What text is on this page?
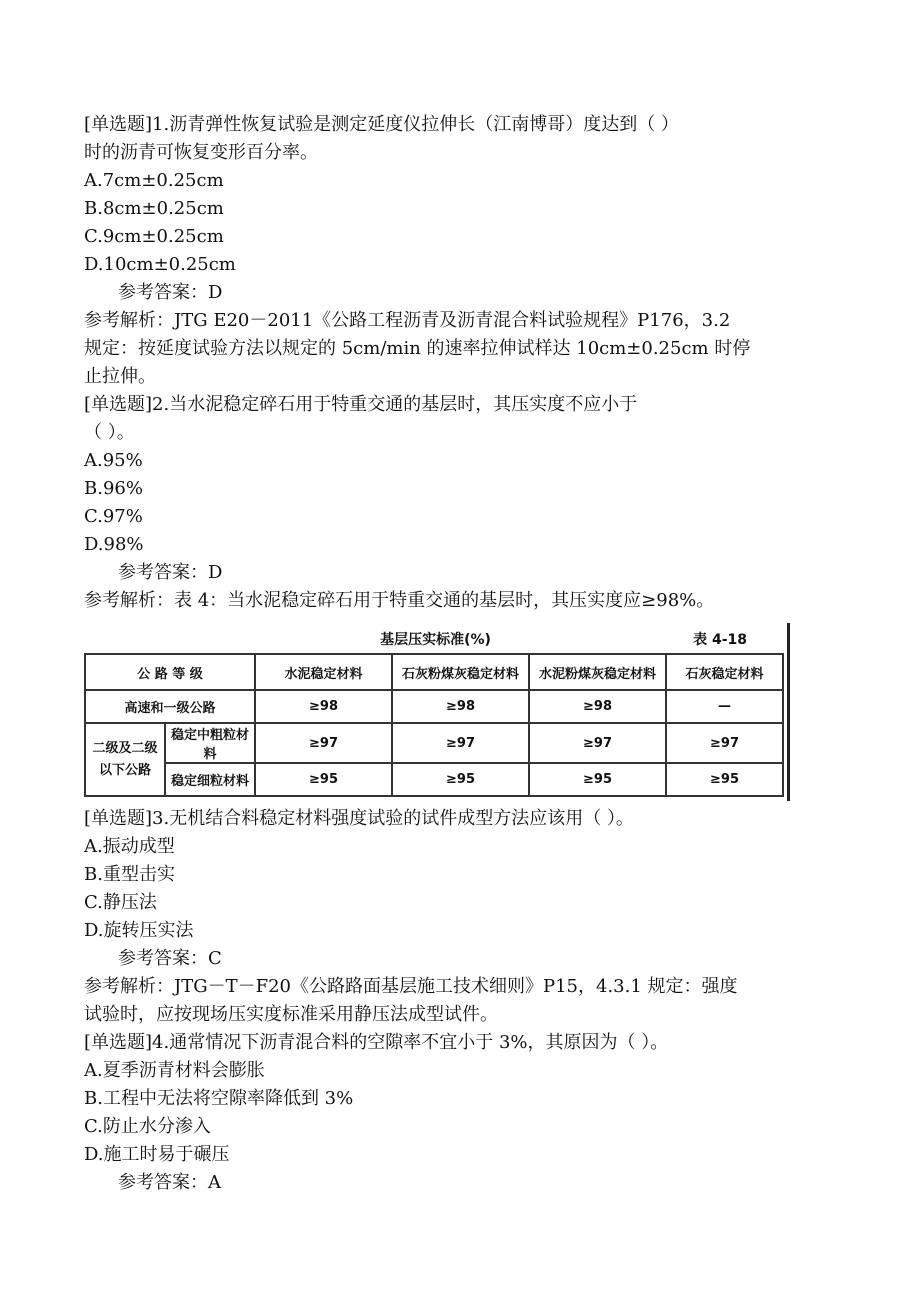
[单选题]1.沥青弹性恢复试验是测定延度仪拉伸长（江南博哥）度达到（ ）
时的沥青可恢复变形百分率。
A.7cm±0.25cm
B.8cm±0.25cm
C.9cm±0.25cm
D.10cm±0.25cm
参考答案：D
参考解析：JTG E20－2011《公路工程沥青及沥青混合料试验规程》P176，3.2
规定：按延度试验方法以规定的 5cm/min 的速率拉伸试样达 10cm±0.25cm 时停
止拉伸。
[单选题]2.当水泥稳定碎石用于特重交通的基层时，其压实度不应小于
（ ）。
A.95%
B.96%
C.97%
D.98%
参考答案：D
参考解析：表 4：当水泥稳定碎石用于特重交通的基层时，其压实度应≥98%。
基层压实标准(%)	表 4-18
公 路 等 级		水泥稳定材料	石灰粉煤灰稳定材料	水泥粉煤灰稳定材料	石灰稳定材料
高速和一级公路		≥98	≥98	≥98	—

二级及二级
以下公路	稳定中粗粒材料	≥97	≥97	≥97	≥97
	稳定细粒材料	≥95	≥95	≥95	≥95
[单选题]3.无机结合料稳定材料强度试验的试件成型方法应该用（ ）。
A.振动成型
B.重型击实
C.静压法
D.旋转压实法
参考答案：C
参考解析：JTG－T－F20《公路路面基层施工技术细则》P15，4.3.1 规定：强度
试验时，应按现场压实度标准采用静压法成型试件。
[单选题]4.通常情况下沥青混合料的空隙率不宜小于 3%，其原因为（ ）。
A.夏季沥青材料会膨胀
B.工程中无法将空隙率降低到 3%
C.防止水分渗入
D.施工时易于碾压
参考答案：A
